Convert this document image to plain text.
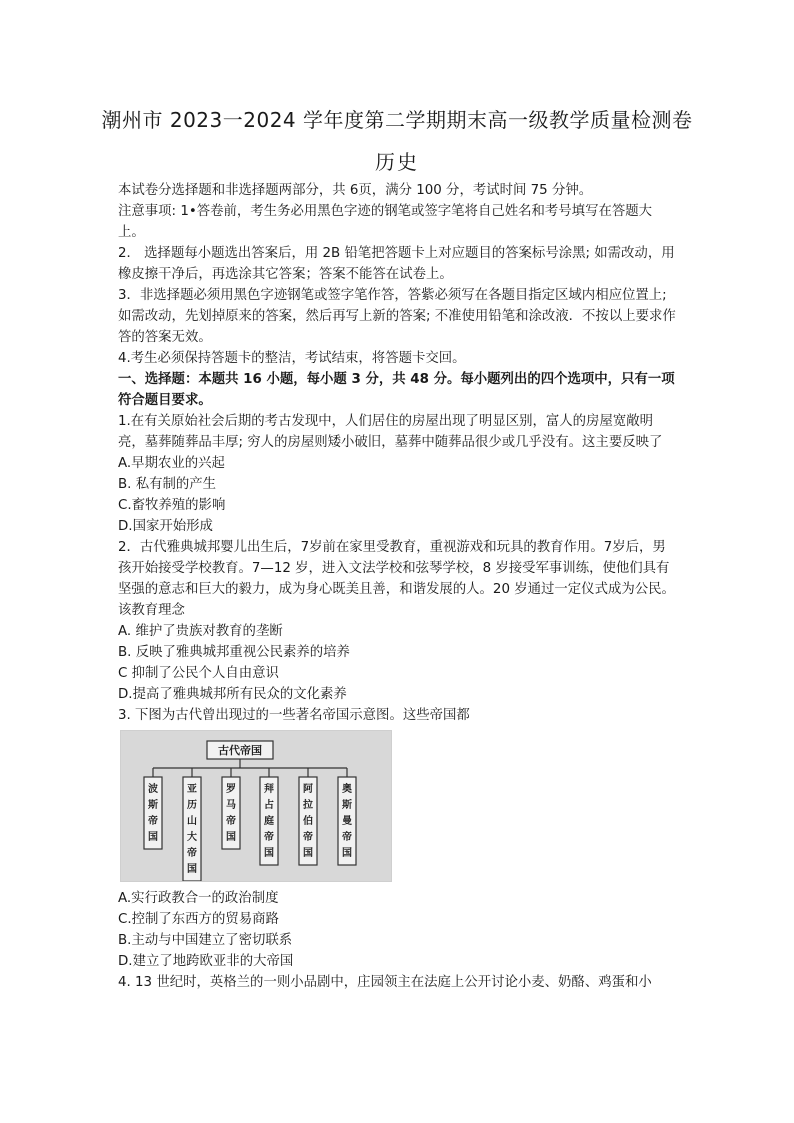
潮州市 2023一2024 学年度第二学期期末高一级教学质量检测卷
历史

本试卷分选择题和非选择题两部分，共 6页，满分 100 分，考试时间 75 分钟。

注意事项: 1•答卷前，考生务必用黑色字迹的钢笔或签字笔将自己姓名和考号填写在答题大上。

2． 选择题每小题选出答案后，用 2B 铅笔把答题卡上对应题目的答案标号涂黑; 如需改动，用橡皮擦干净后，再选涂其它答案；答案不能答在试卷上。

3．非选择题必须用黑色字迹钢笔或签字笔作答，答紫必须写在各题目指定区域内相应位置上; 如需改动，先划掉原来的答案，然后再写上新的答案; 不准使用铅笔和涂改液．不按以上要求作答的答案无效。

4.考生必须保持答题卡的整洁，考试结束，将答题卡交回。

一、选择题：本题共 16 小题，每小题 3 分，共 48 分。每小题列出的四个选项中，只有一项符合题目要求。

1.在有关原始社会后期的考古发现中，人们居住的房屋出现了明显区别，富人的房屋宽敞明亮，墓葬随葬品丰厚; 穷人的房屋则矮小破旧，墓葬中随葬品很少或几乎没有。这主要反映了

A.早期农业的兴起

B. 私有制的产生

C.畜牧养殖的影响

D.国家开始形成

2．古代雅典城邦婴儿出生后，7岁前在家里受教育，重视游戏和玩具的教育作用。7岁后，男孩开始接受学校教育。7—12 岁，进入文法学校和弦琴学校，8 岁接受军事训练，使他们具有坚强的意志和巨大的毅力，成为身心既美且善，和谐发展的人。20 岁通过一定仪式成为公民。该教育理念

A. 维护了贵族对教育的垄断

B. 反映了雅典城邦重视公民素养的培养

C 抑制了公民个人自由意识

D.提高了雅典城邦所有民众的文化素养

3. 下图为古代曾出现过的一些著名帝国示意图。这些帝国都

古代帝国
波斯帝国
亚历山大帝国
罗马帝国
拜占庭帝国
阿拉伯帝国
奥斯曼帝国

A.实行政教合一的政治制度

C.控制了东西方的贸易商路

B.主动与中国建立了密切联系

D.建立了地跨欧亚非的大帝国

4. 13 世纪时，英格兰的一则小品剧中，庄园领主在法庭上公开讨论小麦、奶酪、鸡蛋和小
